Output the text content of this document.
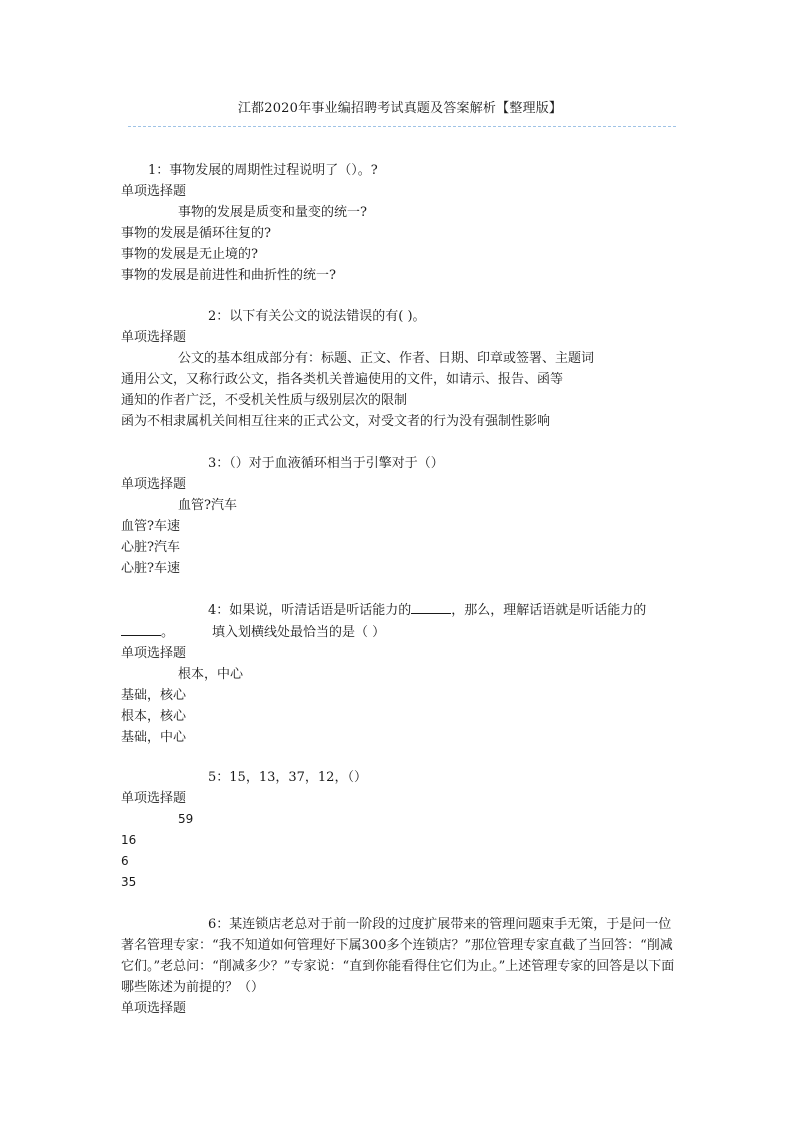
江都2020年事业编招聘考试真题及答案解析【整理版】
1：事物发展的周期性过程说明了（）。?
单项选择题
事物的发展是质变和量变的统一?
事物的发展是循环往复的?
事物的发展是无止境的?
事物的发展是前进性和曲折性的统一?
2：以下有关公文的说法错误的有( )。
单项选择题
公文的基本组成部分有：标题、正文、作者、日期、印章或签署、主题词
通用公文，又称行政公文，指各类机关普遍使用的文件，如请示、报告、函等
通知的作者广泛，不受机关性质与级别层次的限制
函为不相隶属机关间相互往来的正式公文，对受文者的行为没有强制性影响
3：（）对于血液循环相当于引擎对于（）
单项选择题
血管?汽车
血管?车速
心脏?汽车
心脏?车速
4：如果说，听清话语是听话能力的	，那么，理解话语就是听话能力的
。	填入划横线处最恰当的是（ ）
单项选择题
根本，中心
基础，核心
根本，核心
基础，中心
5：15，13，37，12，（）
单项选择题
59
16
6
35
6：某连锁店老总对于前一阶段的过度扩展带来的管理问题束手无策，于是问一位著名管理专家：“我不知道如何管理好下属300多个连锁店？”那位管理专家直截了当回答：“削减它们。”老总问：“削减多少？”专家说：“直到你能看得住它们为止。”上述管理专家的回答是以下面哪些陈述为前提的？（）
单项选择题
